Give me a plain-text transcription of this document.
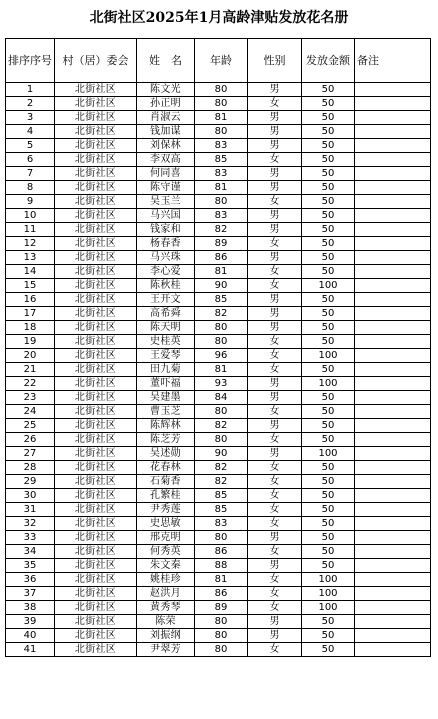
北街社区2025年1月高龄津贴发放花名册
排序序号	村（居）委会	姓　名	年龄	性别	发放金额	备注
1	北街社区	陈文光	80	男	50	
2	北街社区	孙正明	80	女	50	
3	北街社区	肖淑云	81	男	50	
4	北街社区	钱加谋	80	男	50	
5	北街社区	刘保林	83	男	50	
6	北街社区	李双高	85	女	50	
7	北街社区	何同喜	83	男	50	
8	北街社区	陈守谨	81	男	50	
9	北街社区	吴玉兰	80	女	50	
10	北街社区	马兴国	83	男	50	
11	北街社区	钱家和	82	男	50	
12	北街社区	杨春香	89	女	50	
13	北街社区	马兴珠	86	男	50	
14	北街社区	李心爱	81	女	50	
15	北街社区	陈秋桂	90	女	100	
16	北街社区	王开文	85	男	50	
17	北街社区	高希舜	82	男	50	
18	北街社区	陈天明	80	男	50	
19	北街社区	史桂英	80	女	50	
20	北街社区	王爱琴	96	女	100	
21	北街社区	田九菊	81	女	50	
22	北街社区	董吓福	93	男	100	
23	北街社区	吴建墨	84	男	50	
24	北街社区	曹玉芝	80	女	50	
25	北街社区	陈辉林	82	男	50	
26	北街社区	陈芝芳	80	女	50	
27	北街社区	吴述勋	90	男	100	
28	北街社区	花春林	82	女	50	
29	北街社区	石菊香	82	女	50	
30	北街社区	孔繁桂	85	女	50	
31	北街社区	尹秀莲	85	女	50	
32	北街社区	史思敏	83	女	50	
33	北街社区	邢克明	80	男	50	
34	北街社区	何秀英	86	女	50	
35	北街社区	朱文秦	88	男	50	
36	北街社区	姚桂珍	81	女	100	
37	北街社区	赵洪月	86	女	100	
38	北街社区	黄秀琴	89	女	100	
39	北街社区	陈荣	80	男	50	
40	北街社区	刘振纲	80	男	50	
41	北街社区	尹翠芳	80	女	50	
